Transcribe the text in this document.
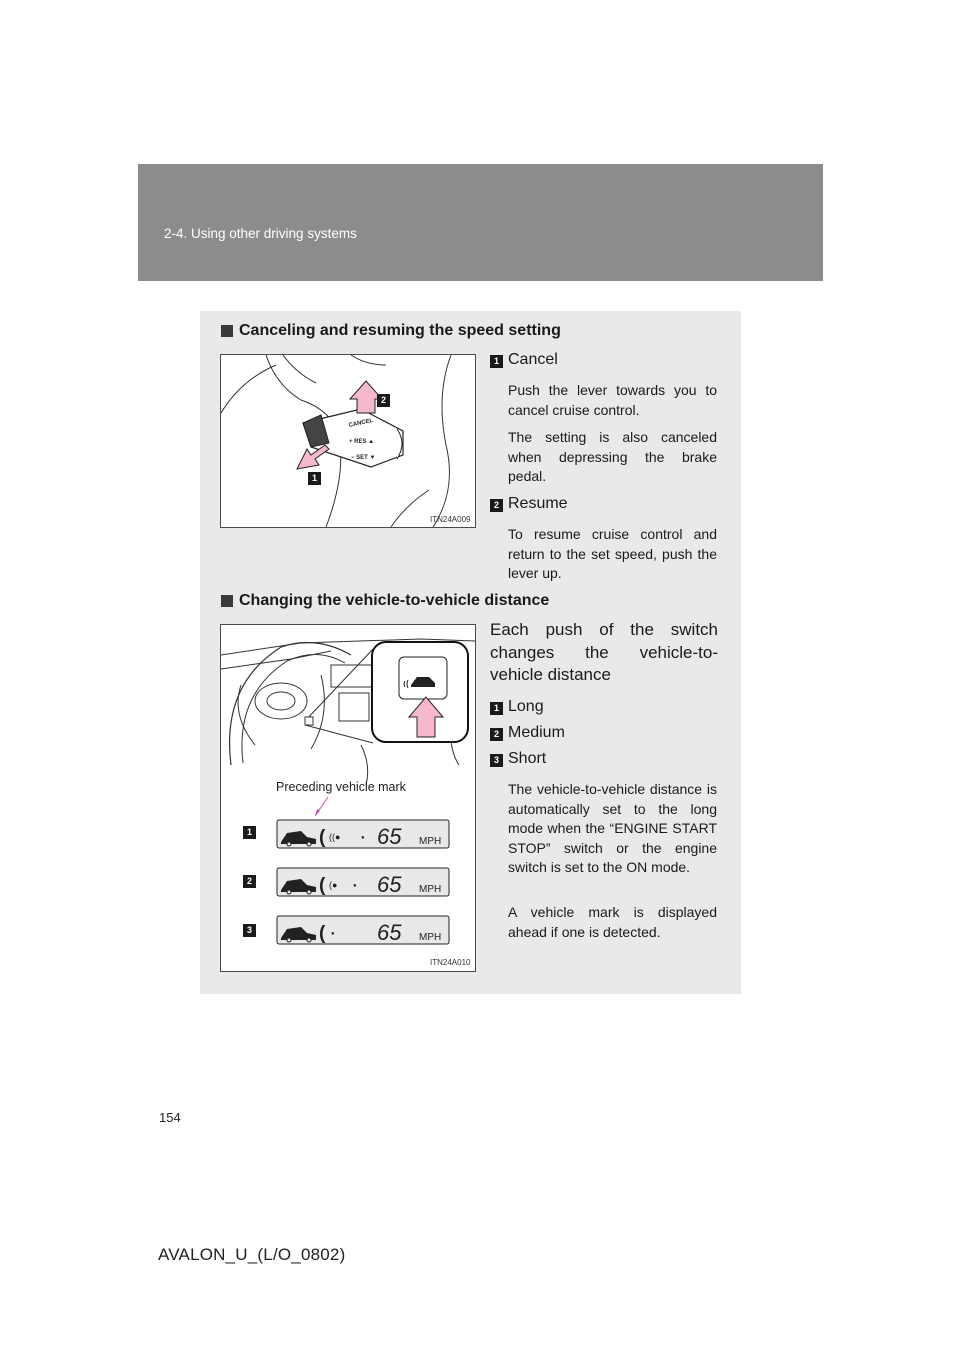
2-4. Using other driving systems
Canceling and resuming the speed setting
CANCEL
+ RES ▲
− SET ▼
2
1
ITN24A009
1 Cancel
Push the lever towards you to cancel cruise control.
The setting is also canceled when depressing the brake pedal.
2 Resume
To resume cruise control and return to the set speed, push the lever up.
Changing the vehicle-to-vehicle distance
Preceding vehicle mark
( ((●	● 65 MPH
( (●	● 65 MPH
( ● 65 MPH
1
2
3
ITN24A010
Each push of the switch changes the vehicle-to-vehicle distance
1 Long
2 Medium
3 Short
The vehicle-to-vehicle distance is automatically set to the long mode when the “ENGINE START STOP” switch or the engine switch is set to the ON mode.
A vehicle mark is displayed ahead if one is detected.
154
AVALON_U_(L/O_0802)
